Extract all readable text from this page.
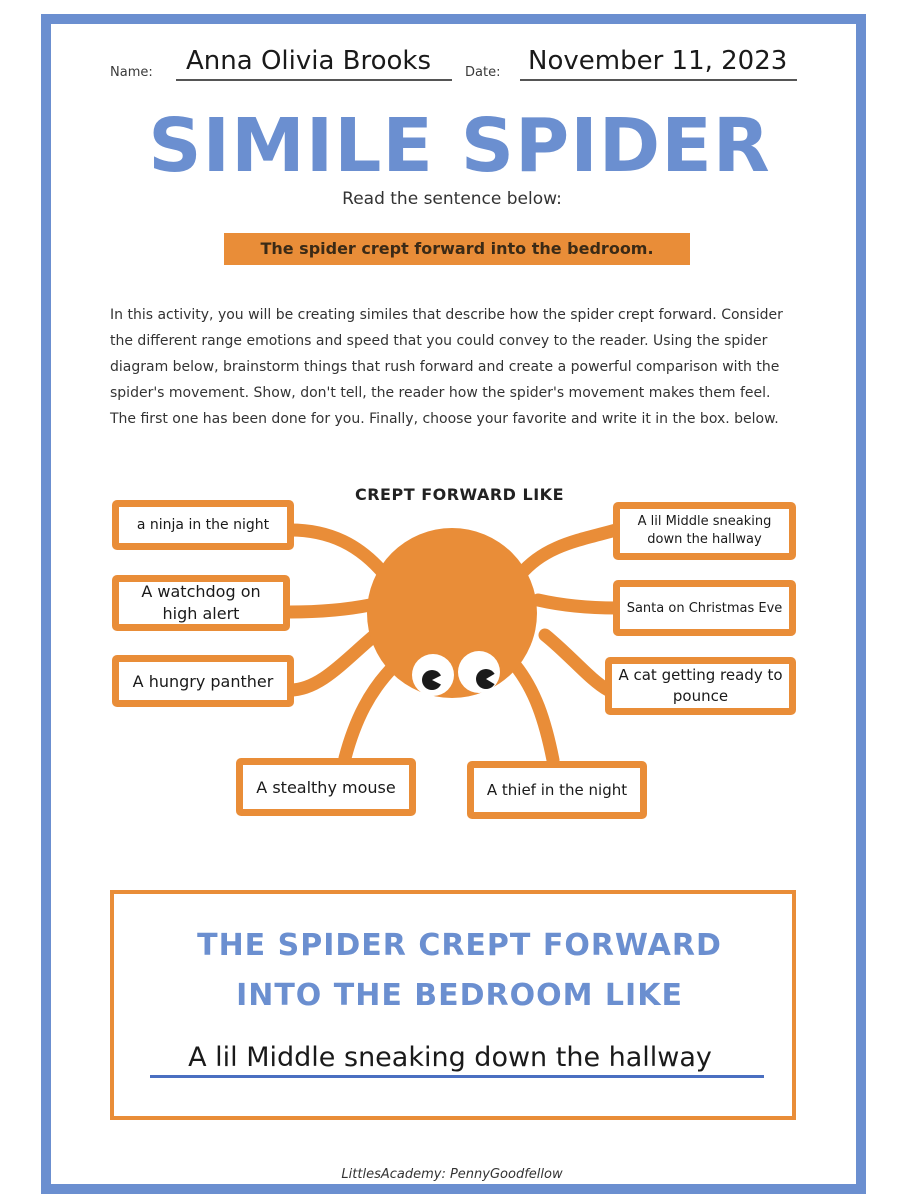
Name: Anna Olivia Brooks	Date: November 11, 2023
SIMILE SPIDER
Read the sentence below:
The spider crept forward into the bedroom.
In this activity, you will be creating similes that describe how the spider crept forward. Consider the different range emotions and speed that you could convey to the reader. Using the spider diagram below, brainstorm things that rush forward and create a powerful comparison with the spider's movement. Show, don't tell, the reader how the spider's movement makes them feel. The first one has been done for you. Finally, choose your favorite and write it in the box. below.
CREPT FORWARD LIKE
a ninja in the night
A watchdog on high alert
A hungry panther
A lil Middle sneaking down the hallway
Santa on Christmas Eve
A cat getting ready to pounce
A stealthy mouse	A thief in the night
THE SPIDER CREPT FORWARD
INTO THE BEDROOM LIKE
A lil Middle sneaking down the hallway
LittlesAcademy: PennyGoodfellow
